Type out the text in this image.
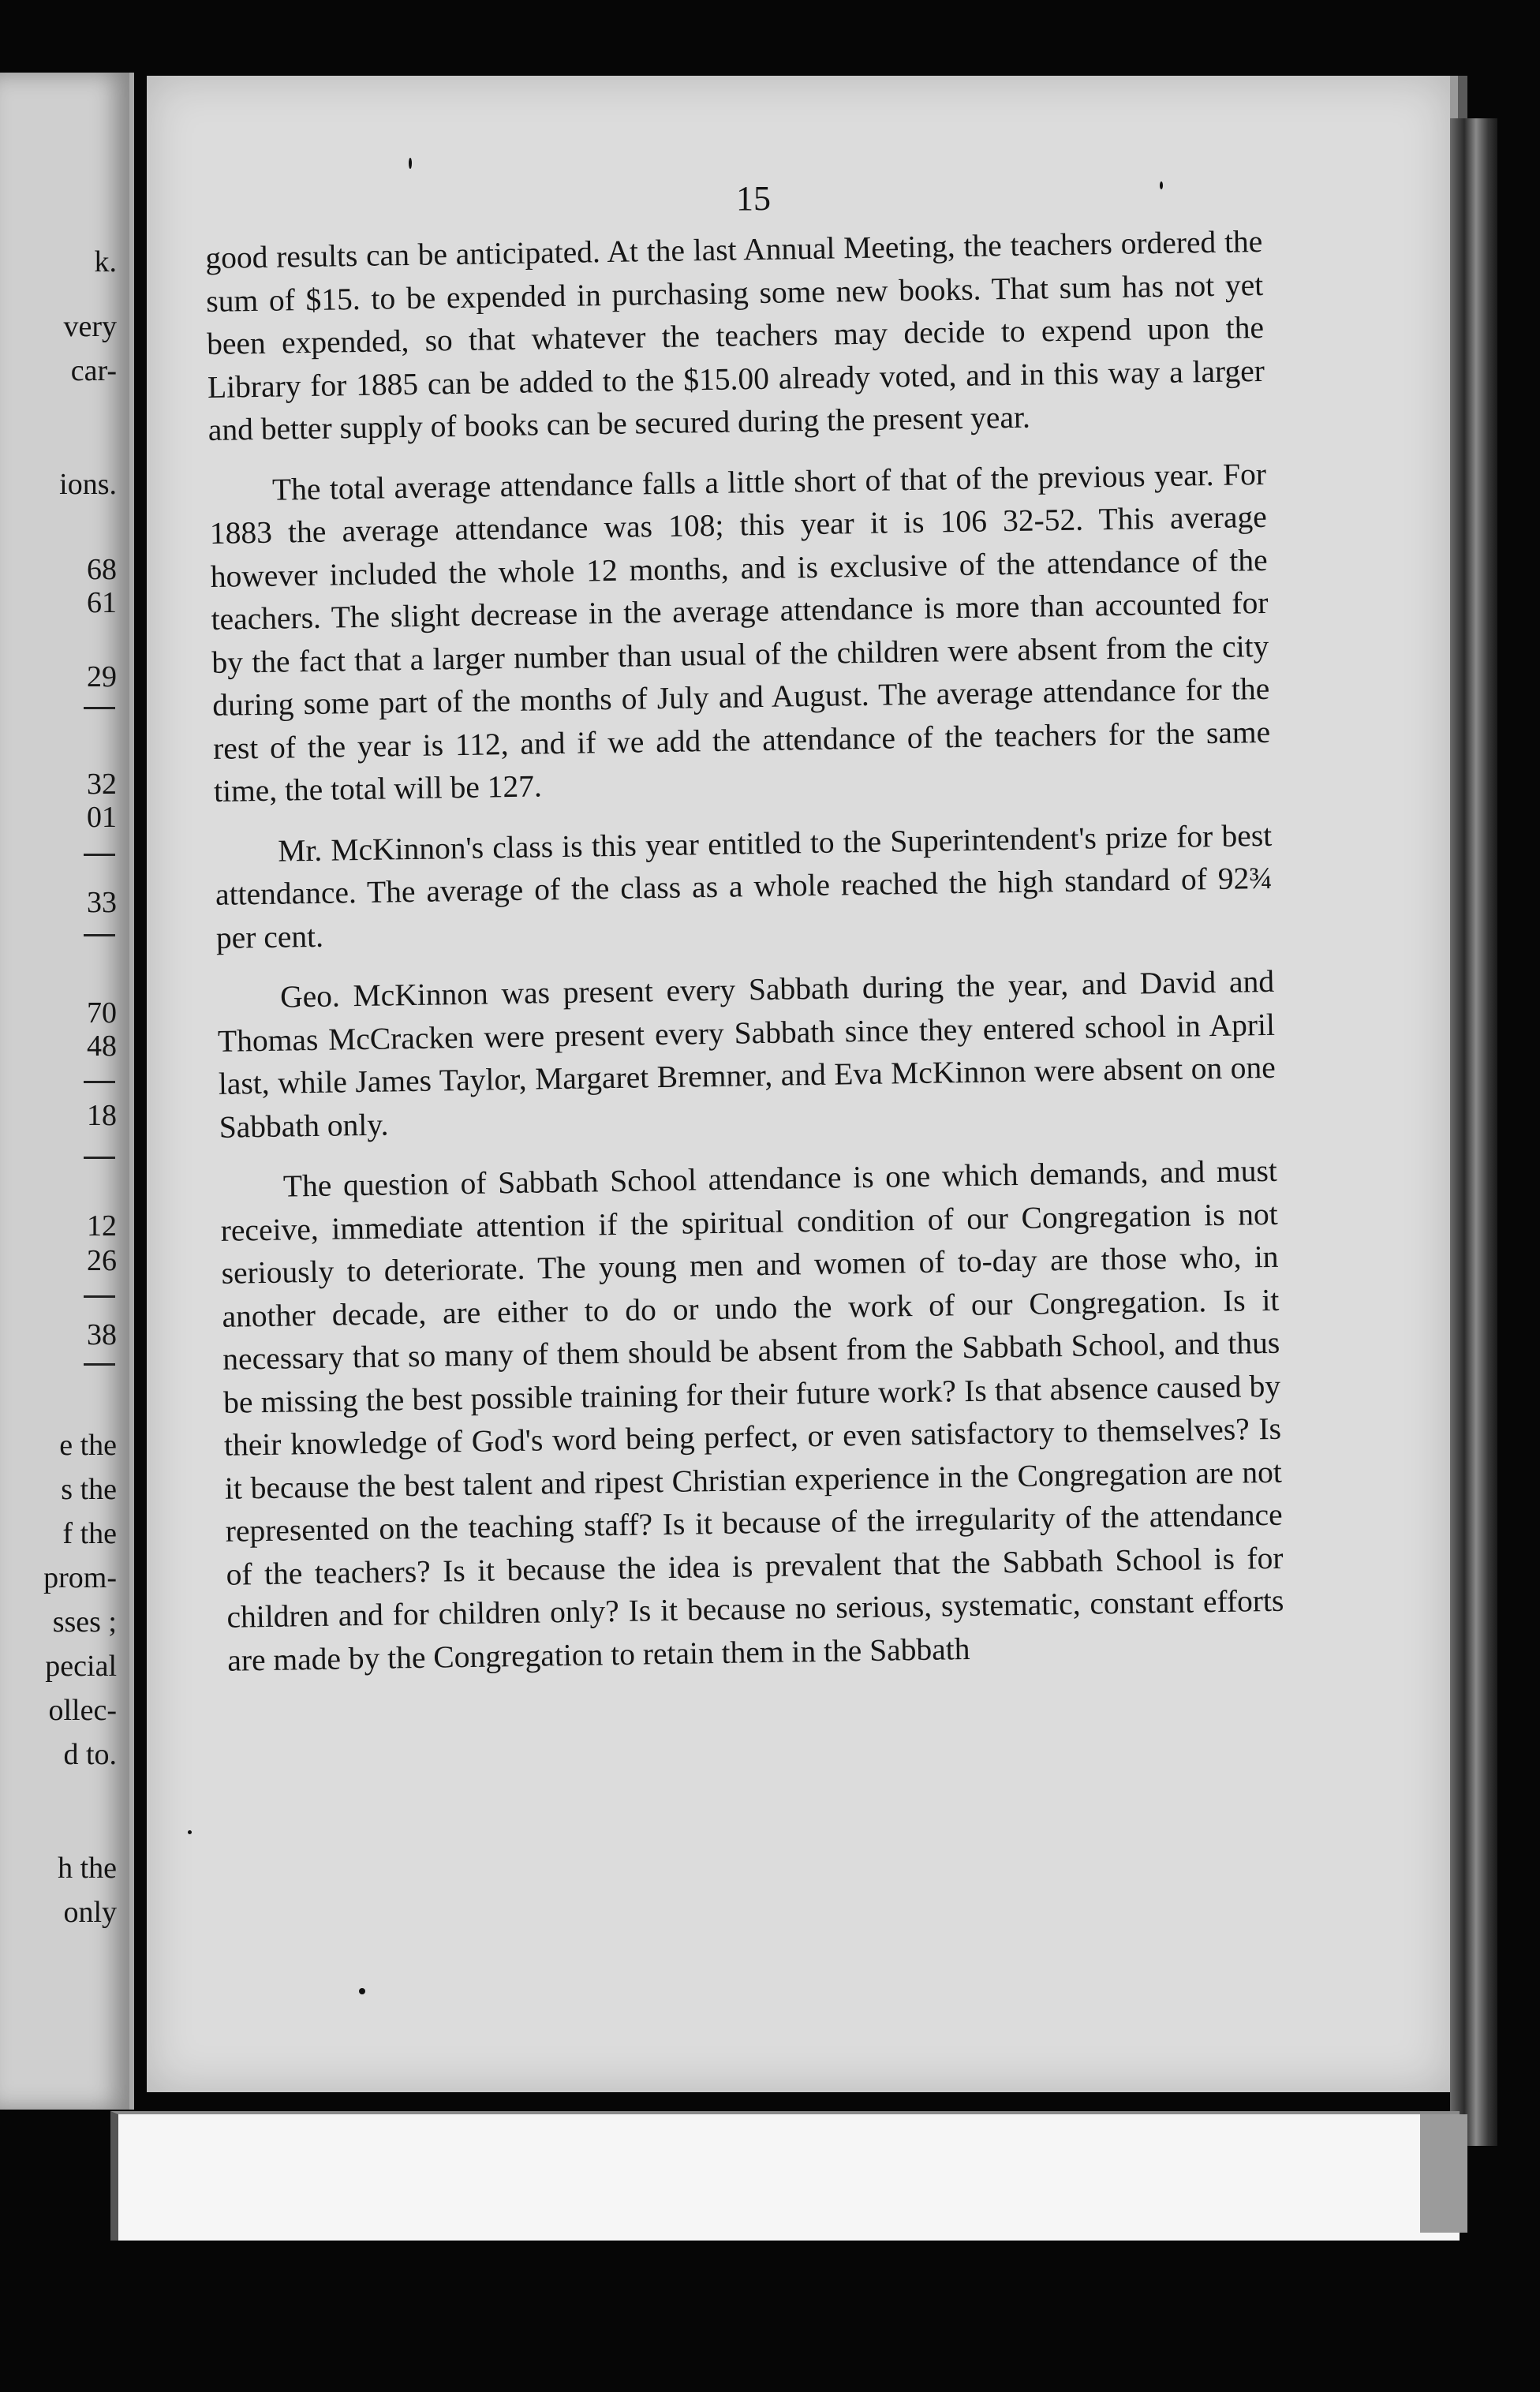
k.
very
car-
ions.
68
61
29
32
01
33
70
48
18
12
26
38
e the
s the
f the
prom-
sses ;
pecial
ollec-
d to.
h the
only
15

good results can be anticipated. At the last Annual Meeting, the teachers ordered the sum of $15. to be expended in purchasing some new books. That sum has not yet been expended, so that whatever the teachers may decide to expend upon the Library for 1885 can be added to the $15.00 already voted, and in this way a larger and better supply of books can be secured during the present year.

The total average attendance falls a little short of that of the previous year. For 1883 the average attendance was 108; this year it is 106 32-52. This average however included the whole 12 months, and is exclusive of the attendance of the teachers. The slight decrease in the average attendance is more than accounted for by the fact that a larger number than usual of the children were absent from the city during some part of the months of July and August. The average attendance for the rest of the year is 112, and if we add the attendance of the teachers for the same time, the total will be 127.

Mr. McKinnon's class is this year entitled to the Superintendent's prize for best attendance. The average of the class as a whole reached the high standard of 92¾ per cent.

Geo. McKinnon was present every Sabbath during the year, and David and Thomas McCracken were present every Sabbath since they entered school in April last, while James Taylor, Margaret Bremner, and Eva McKinnon were absent on one Sabbath only.

The question of Sabbath School attendance is one which demands, and must receive, immediate attention if the spiritual condition of our Congregation is not seriously to deteriorate. The young men and women of to-day are those who, in another decade, are either to do or undo the work of our Congregation. Is it necessary that so many of them should be absent from the Sabbath School, and thus be missing the best possible training for their future work? Is that absence caused by their knowledge of God's word being perfect, or even satisfactory to themselves? Is it because the best talent and ripest Christian experience in the Congregation are not represented on the teaching staff? Is it because of the irregularity of the attendance of the teachers? Is it because the idea is prevalent that the Sabbath School is for children and for children only? Is it because no serious, systematic, constant efforts are made by the Congregation to retain them in the Sabbath
